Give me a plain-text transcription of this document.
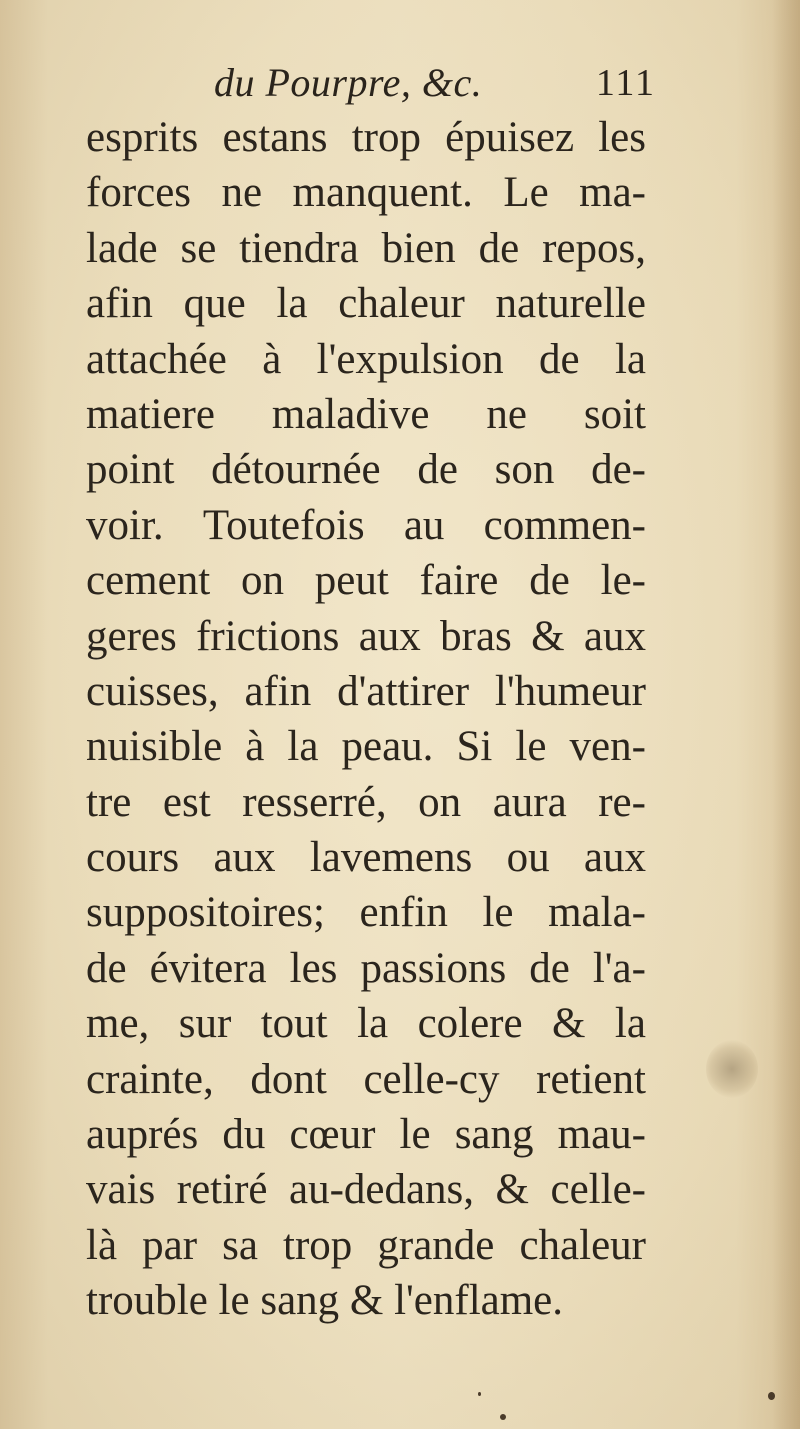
du Pourpre, &c.	111
esprits estans trop épuisez les
forces ne manquent. Le ma-
lade se tiendra bien de repos,
afin que la chaleur naturelle
attachée à l'expulsion de la
matiere maladive ne soit
point détournée de son de-
voir. Toutefois au commen-
cement on peut faire de le-
geres frictions aux bras & aux
cuisses, afin d'attirer l'humeur
nuisible à la peau. Si le ven-
tre est resserré, on aura re-
cours aux lavemens ou aux
suppositoires; enfin le mala-
de évitera les passions de l'a-
me, sur tout la colere & la
crainte, dont celle-cy retient
auprés du cœur le sang mau-
vais retiré au-dedans, & celle-
là par sa trop grande chaleur
trouble le sang & l'enflame.
